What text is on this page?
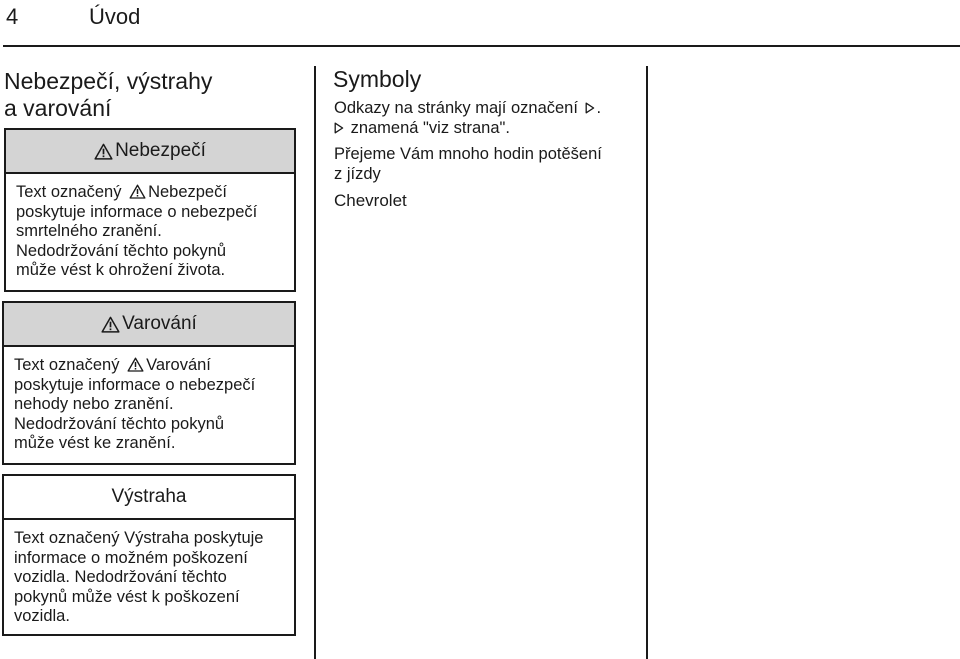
4	Úvod
Nebezpečí, výstrahy
a varování
Nebezpečí
Text označený Nebezpečí
poskytuje informace o nebezpečí
smrtelného zranění.
Nedodržování těchto pokynů
může vést k ohrožení života.
Varování
Text označený Varování
poskytuje informace o nebezpečí
nehody nebo zranění.
Nedodržování těchto pokynů
může vést ke zranění.
Výstraha
Text označený Výstraha poskytuje
informace o možném poškození
vozidla. Nedodržování těchto
pokynů může vést k poškození
vozidla.
Symboly
Odkazy na stránky mají označení .
znamená "viz strana".
Přejeme Vám mnoho hodin potěšení
z jízdy
Chevrolet
